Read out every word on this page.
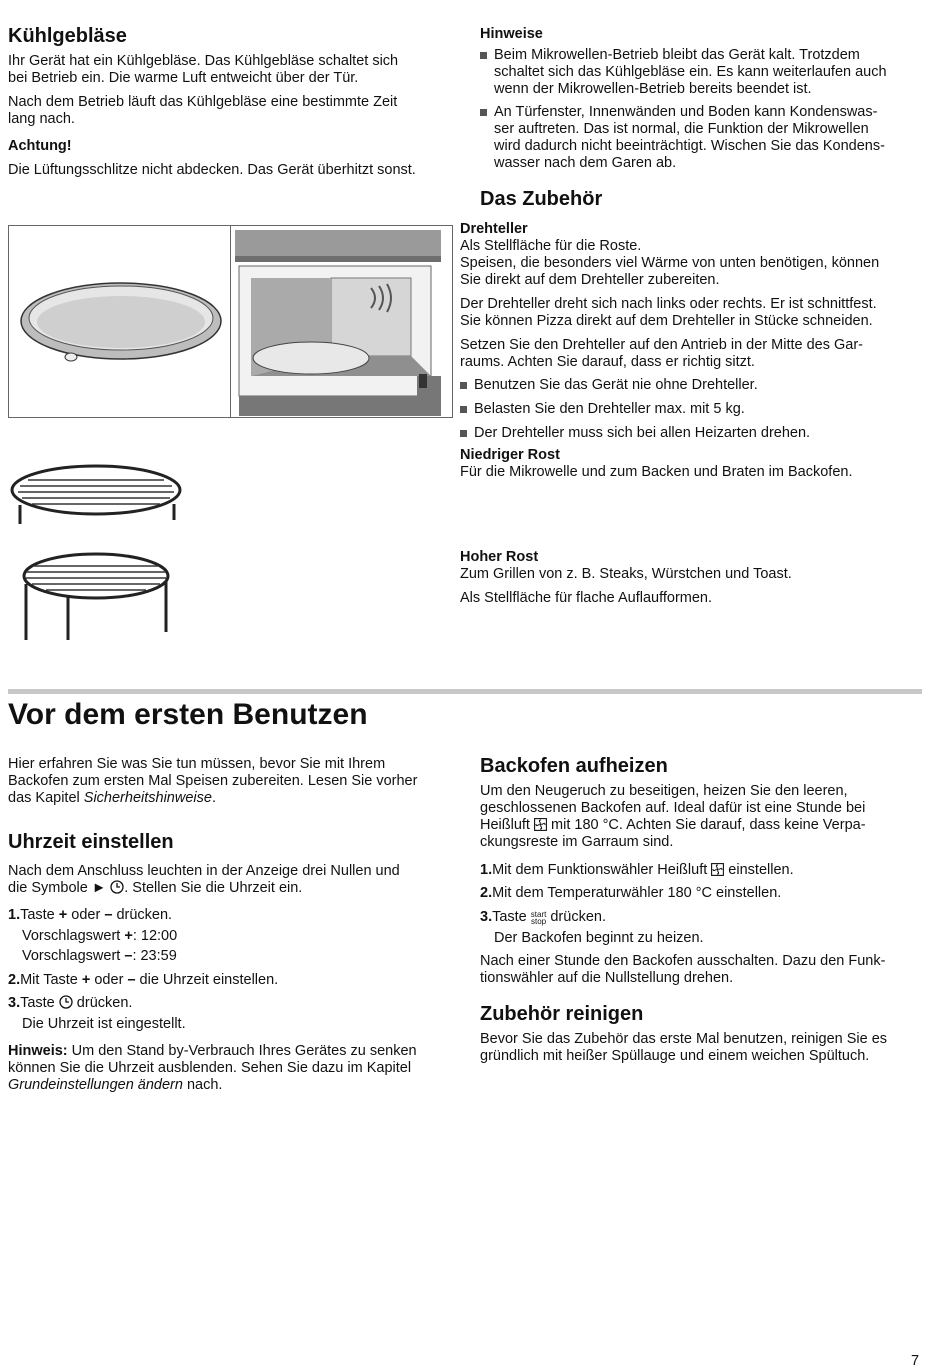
Kühlgebläse

Ihr Gerät hat ein Kühlgebläse. Das Kühlgebläse schaltet sich

bei Betrieb ein. Die warme Luft entweicht über der Tür.

Nach dem Betrieb läuft das Kühlgebläse eine bestimmte Zeit

lang nach.

Achtung!

Die Lüftungsschlitze nicht abdecken. Das Gerät überhitzt sonst.

Hinweise

Beim Mikrowellen-Betrieb bleibt das Gerät kalt. Trotzdem
schaltet sich das Kühlgebläse ein. Es kann weiterlaufen auch
wenn der Mikrowellen-Betrieb bereits beendet ist.
An Türfenster, Innenwänden und Boden kann Kondenswas-
ser auftreten. Das ist normal, die Funktion der Mikrowellen
wird dadurch nicht beeinträchtigt. Wischen Sie das Kondens-
wasser nach dem Garen ab.
Das Zubehör

Drehteller

Als Stellfläche für die Roste.

Speisen, die besonders viel Wärme von unten benötigen, können

Sie direkt auf dem Drehteller zubereiten.

Der Drehteller dreht sich nach links oder rechts. Er ist schnittfest.

Sie können Pizza direkt auf dem Drehteller in Stücke schneiden.

Setzen Sie den Drehteller auf den Antrieb in der Mitte des Gar-

raums. Achten Sie darauf, dass er richtig sitzt.

Benutzen Sie das Gerät nie ohne Drehteller.
Belasten Sie den Drehteller max. mit 5 kg.
Der Drehteller muss sich bei allen Heizarten drehen.

Niedriger Rost

Für die Mikrowelle und zum Backen und Braten im Backofen.

Hoher Rost

Zum Grillen von z. B. Steaks, Würstchen und Toast.

Als Stellfläche für flache Auflaufformen.

Vor dem ersten Benutzen

Hier erfahren Sie was Sie tun müssen, bevor Sie mit Ihrem

Backofen zum ersten Mal Speisen zubereiten. Lesen Sie vorher

das Kapitel Sicherheitshinweise.

Uhrzeit einstellen

Nach dem Anschluss leuchten in der Anzeige drei Nullen und

die Symbole ► . Stellen Sie die Uhrzeit ein.

1.Taste + oder – drücken.

Vorschlagswert +: 12:00

Vorschlagswert –: 23:59

2.Mit Taste + oder – die Uhrzeit einstellen.

3.Taste  drücken.

Die Uhrzeit ist eingestellt.

Hinweis: Um den Stand by-Verbrauch Ihres Gerätes zu senken

können Sie die Uhrzeit ausblenden. Sehen Sie dazu im Kapitel

Grundeinstellungen ändern nach.

Backofen aufheizen

Um den Neugeruch zu beseitigen, heizen Sie den leeren,

geschlossenen Backofen auf. Ideal dafür ist eine Stunde bei

Heißluft  mit 180 °C. Achten Sie darauf, dass keine Verpa-

ckungsreste im Garraum sind.

1.Mit dem Funktionswähler Heißluft  einstellen.

2.Mit dem Temperaturwähler 180 °C einstellen.

3.Taste start
stop drücken.

Der Backofen beginnt zu heizen.

Nach einer Stunde den Backofen ausschalten. Dazu den Funk-

tionswähler auf die Nullstellung drehen.

Zubehör reinigen

Bevor Sie das Zubehör das erste Mal benutzen, reinigen Sie es

gründlich mit heißer Spüllauge und einem weichen Spültuch.

7
